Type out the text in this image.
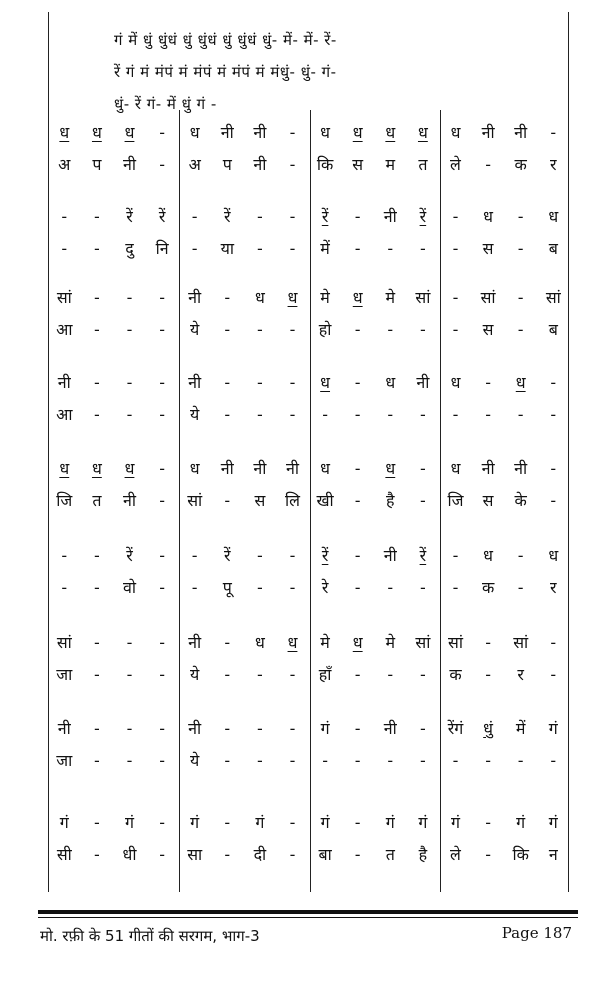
गं में धुं धुंधं धुं धुंधं धुं धुंधं धुं- में- में- रें-
रें गं मं मंपं मं मंपं मं मंपं मं मंधुं- धुं- गं-
धुं- रें गं- में धुं गं -
ध	ध	ध	-	ध	नी	नी	-	ध	ध	ध	ध	ध	नी	नी	-
अ	प	नी	-	अ	प	नी	-	कि	स	म	त	ले	-	क	र
-	-	रें	रें	-	रें	-	-	रें	-	नी	रें	-	ध	-	ध
-	-	दु	नि	-	या	-	-	में	-	-	-	-	स	-	ब
सां	-	-	-	नी	-	ध	ध	मे	ध	मे	सां	-	सां	-	सां
आ	-	-	-	ये	-	-	-	हो	-	-	-	-	स	-	ब
नी	-	-	-	नी	-	-	-	ध	-	ध	नी	ध	-	ध	-
आ	-	-	-	ये	-	-	-	-	-	-	-	-	-	-	-
ध	ध	ध	-	ध	नी	नी	नी	ध	-	ध	-	ध	नी	नी	-
जि	त	नी	-	सां	-	स	लि	खी	-	है	-	जि	स	के	-
-	-	रें	-	-	रें	-	-	रें	-	नी	रें	-	ध	-	ध
-	-	वो	-	-	पू	-	-	रे	-	-	-	-	क	-	र
सां	-	-	-	नी	-	ध	ध	मे	ध	मे	सां	सां	-	सां	-
जा	-	-	-	ये	-	-	-	हाँ	-	-	-	क	-	र	-
नी	-	-	-	नी	-	-	-	गं	-	नी	-	रेंगं	धुं	में	गं
जा	-	-	-	ये	-	-	-	-	-	-	-	-	-	-	-
गं	-	गं	-	गं	-	गं	-	गं	-	गं	गं	गं	-	गं	गं
सी	-	धी	-	सा	-	दी	-	बा	-	त	है	ले	-	कि	न
मो. रफ़ी के 51 गीतों की सरगम, भाग-3	Page 187
